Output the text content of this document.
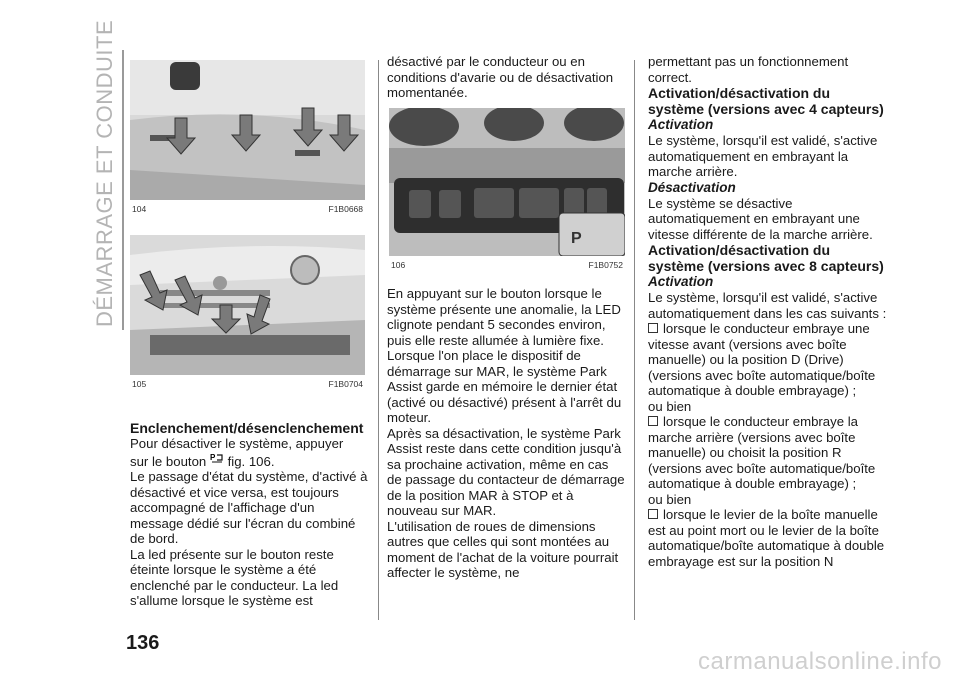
DÉMARRAGE ET CONDUITE 104	F1B0668
105	F1B0704

Enclenchement/désenclenchement

Pour désactiver le système, appuyer
sur le bouton P fig. 106.

Le passage d'état du système, d'activé à désactivé et vice versa, est toujours accompagné de l'affichage d'un message dédié sur l'écran du combiné de bord.

La led présente sur le bouton reste éteinte lorsque le système a été enclenché par le conducteur. La led s'allume lorsque le système est

désactivé par le conducteur ou en conditions d'avarie ou de désactivation momentanée.

P
106	F1B0752

En appuyant sur le bouton lorsque le système présente une anomalie, la LED clignote pendant 5 secondes environ, puis elle reste allumée à lumière fixe.

Lorsque l'on place le dispositif de démarrage sur MAR, le système Park Assist garde en mémoire le dernier état (activé ou désactivé) présent à l'arrêt du moteur.

Après sa désactivation, le système Park Assist reste dans cette condition jusqu'à sa prochaine activation, même en cas de passage du contacteur de démarrage de la position MAR à STOP et à nouveau sur MAR.

L'utilisation de roues de dimensions autres que celles qui sont montées au moment de l'achat de la voiture pourrait affecter le système, ne

permettant pas un fonctionnement correct.

Activation/désactivation du système (versions avec 4 capteurs)

Activation

Le système, lorsqu'il est validé, s'active automatiquement en embrayant la marche arrière.

Désactivation

Le système se désactive automatiquement en embrayant une vitesse différente de la marche arrière.

Activation/désactivation du système (versions avec 8 capteurs)

Activation

Le système, lorsqu'il est validé, s'active automatiquement dans les cas suivants :

lorsque le conducteur embraye une vitesse avant (versions avec boîte manuelle) ou la position D (Drive) (versions avec boîte automatique/boîte automatique à double embrayage) ;

ou bien

lorsque le conducteur embraye la marche arrière (versions avec boîte manuelle) ou choisit la position R (versions avec boîte automatique/boîte automatique à double embrayage) ;

ou bien

lorsque le levier de la boîte manuelle est au point mort ou le levier de la boîte automatique/boîte automatique à double embrayage est sur la position N

136
carmanualsonline.info
